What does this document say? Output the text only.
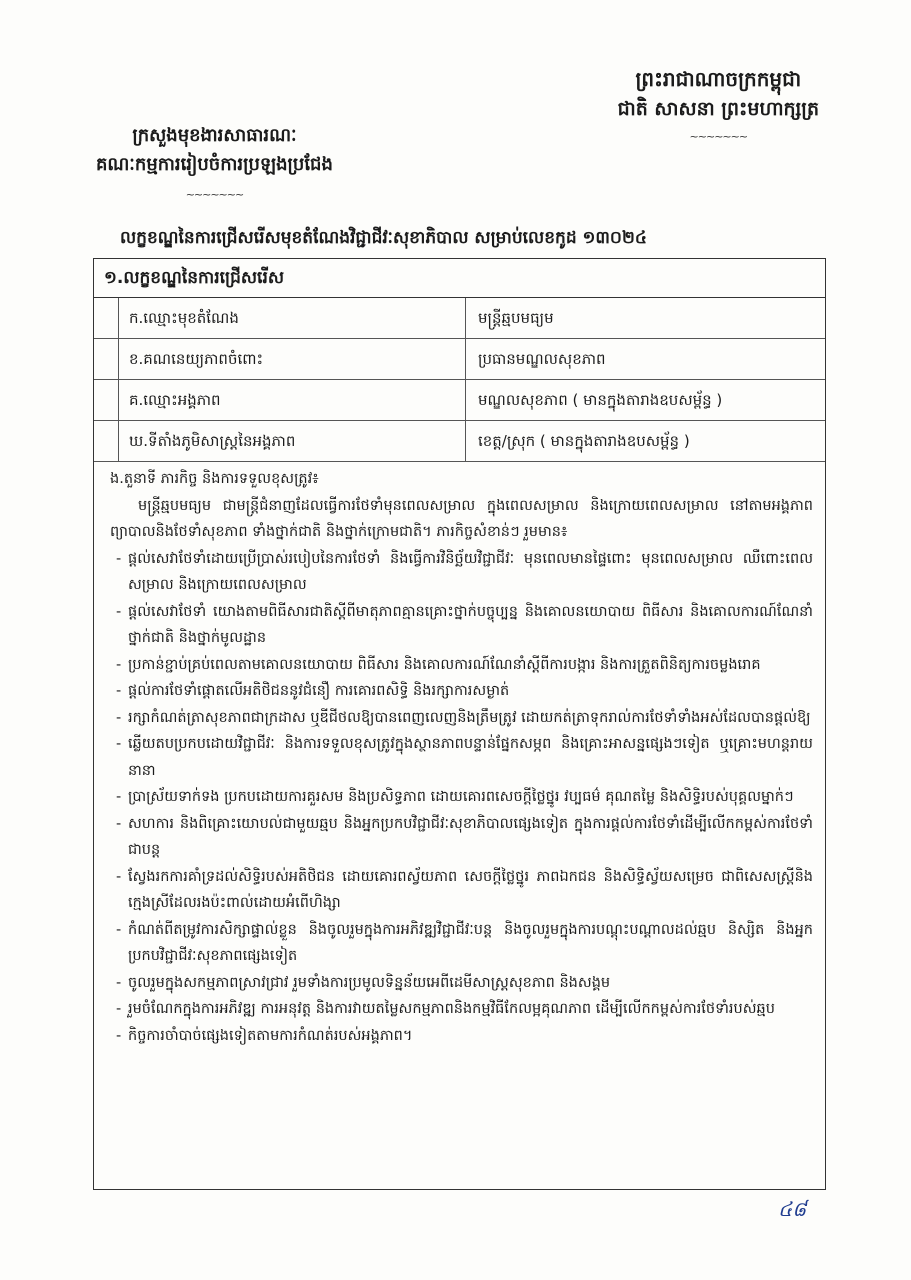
ព្រះរាជាណាចក្រកម្ពុជា
ជាតិ សាសនា ព្រះមហាក្សត្រ
~~~~~~~
ក្រសួងមុខងារសាធារណៈ
គណៈកម្មការរៀបចំការប្រឡងប្រជែង
~~~~~~~
លក្ខខណ្ឌនៃការជ្រើសរើសមុខតំណែងវិជ្ជាជីវៈសុខាភិបាល សម្រាប់លេខកូដ ១៣០២៤
១.លក្ខខណ្ឌនៃការជ្រើសរើស
ក.ឈ្មោះមុខតំណែង	មន្ត្រីឆ្មបមធ្យម
ខ.គណនេយ្យភាពចំពោះ	ប្រធានមណ្ឌលសុខភាព
គ.ឈ្មោះអង្គភាព	មណ្ឌលសុខភាព ( មានក្នុងតារាងឧបសម្ព័ន្ធ )
ឃ.ទីតាំងភូមិសាស្ត្រនៃអង្គភាព	ខេត្ត/ស្រុក ( មានក្នុងតារាងឧបសម្ព័ន្ធ )

ង.តួនាទី ភារកិច្ច និងការទទួលខុសត្រូវ៖

មន្ត្រីឆ្មបមធ្យម ជាមន្ត្រីជំនាញដែលធ្វើការថែទាំមុនពេលសម្រាល ក្នុងពេលសម្រាល និងក្រោយពេលសម្រាល នៅតាមអង្គភាពព្យាបាលនិងថែទាំសុខភាព ទាំងថ្នាក់ជាតិ និងថ្នាក់ក្រោមជាតិ។ ភារកិច្ចសំខាន់ៗ រួមមាន៖

- ផ្តល់សេវាថែទាំដោយប្រើប្រាស់របៀបនៃការថែទាំ និងធ្វើការវិនិច្ឆ័យវិជ្ជាជីវៈ មុនពេលមានផ្ទៃពោះ មុនពេលសម្រាល ឈឺពោះពេលសម្រាល និងក្រោយពេលសម្រាល
- ផ្តល់សេវាថែទាំ យោងតាមពិធីសារជាតិស្តីពីមាតុភាពគ្មានគ្រោះថ្នាក់បច្ចុប្បន្ន និងគោលនយោបាយ ពិធីសារ និងគោលការណ៍ណែនាំថ្នាក់ជាតិ និងថ្នាក់មូលដ្ឋាន
- ប្រកាន់ខ្ជាប់គ្រប់ពេលតាមគោលនយោបាយ ពិធីសារ និងគោលការណ៍ណែនាំស្តីពីការបង្ការ និងការត្រួតពិនិត្យការចម្លងរោគ
- ផ្តល់ការថែទាំផ្តោតលើអតិថិជននូវជំនឿ ការគោរពសិទ្ធិ និងរក្សាការសម្ងាត់
- រក្សាកំណត់ត្រាសុខភាពជាក្រដាស ឬឌីជីថលឱ្យបានពេញលេញនិងត្រឹមត្រូវ ដោយកត់ត្រាទុករាល់ការថែទាំទាំងអស់ដែលបានផ្តល់ឱ្យ
- ឆ្លើយតបប្រកបដោយវិជ្ជាជីវៈ និងការទទួលខុសត្រូវក្នុងស្ថានភាពបន្ទាន់ផ្នែកសម្ភព និងគ្រោះអាសន្នផ្សេងៗទៀត ឬគ្រោះមហន្តរាយនានា
- ប្រាស្រ័យទាក់ទង ប្រកបដោយការគួរសម និងប្រសិទ្ធភាព ដោយគោរពសេចក្តីថ្លៃថ្នូរ វប្បធម៌ គុណតម្លៃ និងសិទ្ធិរបស់បុគ្គលម្នាក់ៗ
- សហការ និងពិគ្រោះយោបល់ជាមួយឆ្មប និងអ្នកប្រកបវិជ្ជាជីវៈសុខាភិបាលផ្សេងទៀត ក្នុងការផ្តល់ការថែទាំដើម្បីលើកកម្ពស់ការថែទាំជាបន្ត
- ស្វែងរកការគាំទ្រដល់សិទ្ធិរបស់អតិថិជន ដោយគោរពស្វ័យភាព សេចក្តីថ្លៃថ្នូរ ភាពឯកជន និងសិទ្ធិស្វ័យសម្រេច ជាពិសេសស្ត្រីនិងក្មេងស្រីដែលរងប៉ះពាល់ដោយអំពើហិង្សា
- កំណត់ពីតម្រូវការសិក្សាផ្ទាល់ខ្លួន និងចូលរួមក្នុងការអភិវឌ្ឍវិជ្ជាជីវៈបន្ត និងចូលរួមក្នុងការបណ្តុះបណ្តាលដល់ឆ្មប និស្សិត និងអ្នកប្រកបវិជ្ជាជីវៈសុខភាពផ្សេងទៀត
- ចូលរួមក្នុងសកម្មភាពស្រាវជ្រាវ រួមទាំងការប្រមូលទិន្នន័យអេពីដេមីសាស្ត្រសុខភាព និងសង្គម
- រួមចំណែកក្នុងការអភិវឌ្ឍ ការអនុវត្ត និងការវាយតម្លៃសកម្មភាពនិងកម្មវិធីកែលម្អគុណភាព ដើម្បីលើកកម្ពស់ការថែទាំរបស់ឆ្មប
- កិច្ចការចាំបាច់ផ្សេងទៀតតាមការកំណត់របស់អង្គភាព។
៤៨
